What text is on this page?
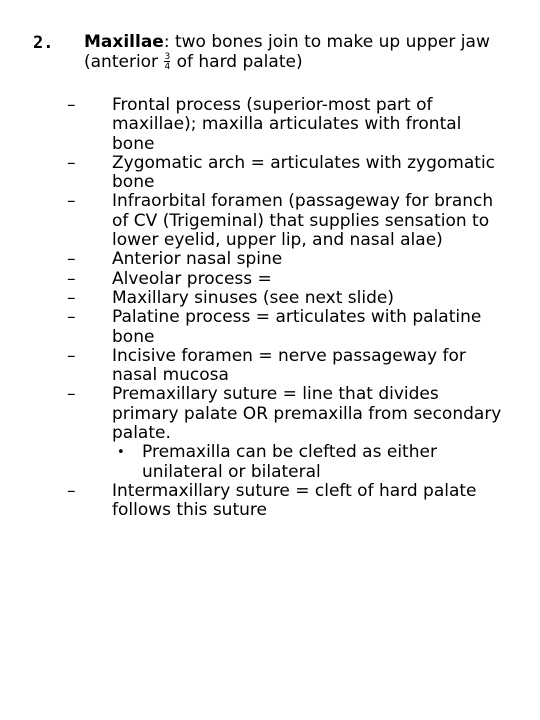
2. Maxillae: two bones join to make up upper jaw (anterior $\frac{3}{4}$ of hard palate)
–	Frontal process (superior-most part of maxillae); maxilla articulates with frontal bone
–	Zygomatic arch = articulates with zygomatic bone
–	Infraorbital foramen (passageway for branch of CV (Trigeminal) that supplies sensation to lower eyelid, upper lip, and nasal alae)
–	Anterior nasal spine
–	Alveolar process =
–	Maxillary sinuses (see next slide)
–	Palatine process = articulates with palatine bone
–	Incisive foramen = nerve passageway for nasal mucosa
–	Premaxillary suture = line that divides primary palate OR premaxilla from secondary palate.
• Premaxilla can be clefted as either unilateral or bilateral
–	Intermaxillary suture = cleft of hard palate follows this suture
